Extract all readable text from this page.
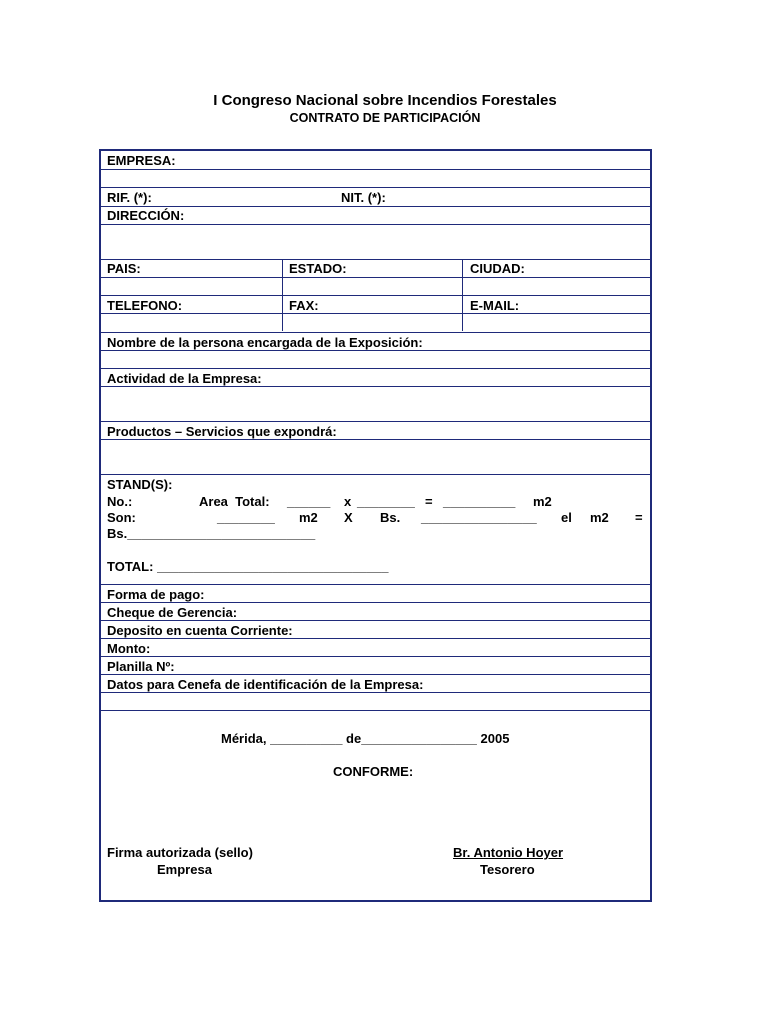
I Congreso Nacional sobre Incendios Forestales
CONTRATO DE PARTICIPACIÓN
EMPRESA:
RIF. (*):	NIT. (*):
DIRECCIÓN:
PAIS:	ESTADO:	CIUDAD:
TELEFONO:	FAX:	E-MAIL:
Nombre de la persona encargada de la Exposición:
Actividad de la Empresa:
Productos – Servicios que expondrá:
STAND(S):
No.:	Area  Total: ______ x ________ = __________ m2
Son:	________ m2 X Bs. ________________ el m2 =
Bs.__________________________
TOTAL: ________________________________
Forma de pago:
Cheque de Gerencia:
Deposito en cuenta Corriente:
Monto:
Planilla Nº:
Datos para Cenefa de identificación de la Empresa:
Mérida, __________ de________________ 2005
CONFORME:
Firma autorizada (sello)
Empresa
Br. Antonio Hoyer
Tesorero
